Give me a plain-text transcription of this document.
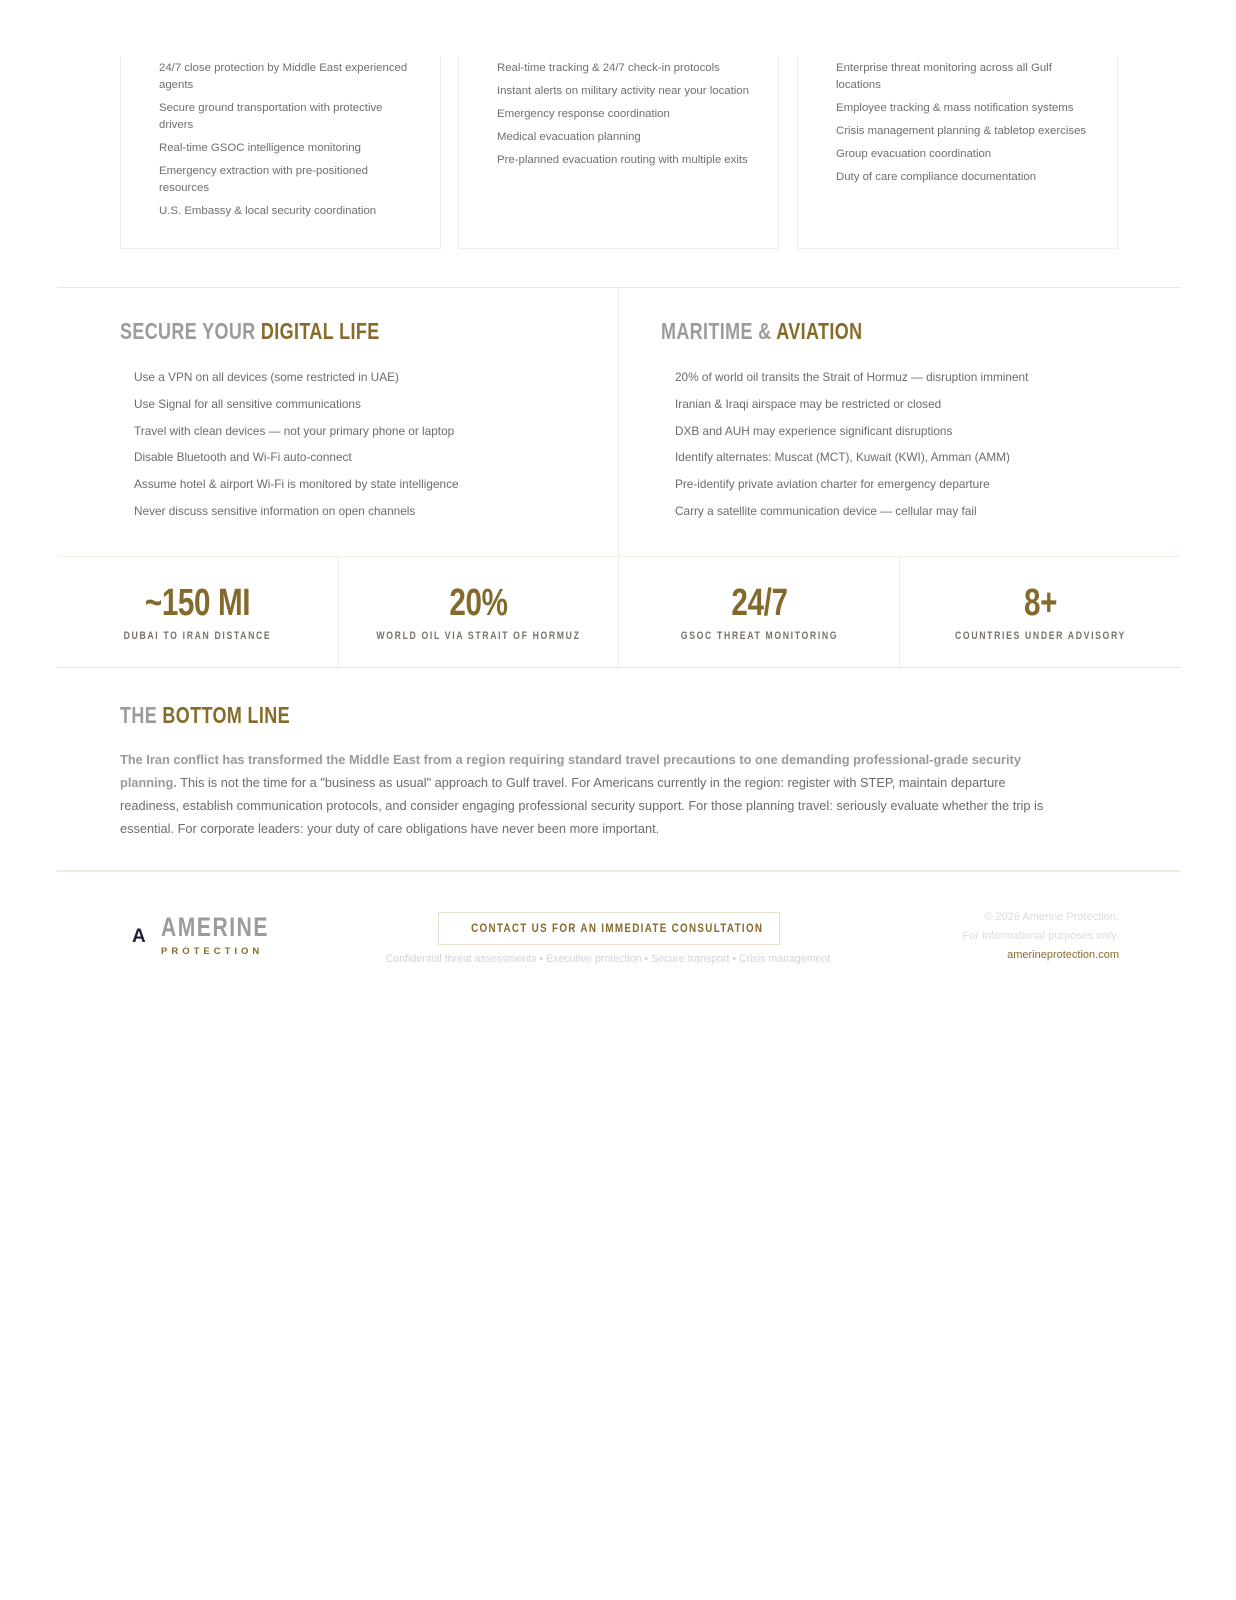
24/7 close protection by Middle East experienced agents
Secure ground transportation with protective drivers
Real-time GSOC intelligence monitoring
Emergency extraction with pre-positioned resources
U.S. Embassy & local security coordination
Real-time tracking & 24/7 check-in protocols
Instant alerts on military activity near your location
Emergency response coordination
Medical evacuation planning
Pre-planned evacuation routing with multiple exits
Enterprise threat monitoring across all Gulf locations
Employee tracking & mass notification systems
Crisis management planning & tabletop exercises
Group evacuation coordination
Duty of care compliance documentation
SECURE YOUR DIGITAL LIFE
Use a VPN on all devices (some restricted in UAE)
Use Signal for all sensitive communications
Travel with clean devices — not your primary phone or laptop
Disable Bluetooth and Wi-Fi auto-connect
Assume hotel & airport Wi-Fi is monitored by state intelligence
Never discuss sensitive information on open channels
MARITIME & AVIATION
20% of world oil transits the Strait of Hormuz — disruption imminent
Iranian & Iraqi airspace may be restricted or closed
DXB and AUH may experience significant disruptions
Identify alternates: Muscat (MCT), Kuwait (KWI), Amman (AMM)
Pre-identify private aviation charter for emergency departure
Carry a satellite communication device — cellular may fail
~150 MI
DUBAI TO IRAN DISTANCE
20%
WORLD OIL VIA STRAIT OF HORMUZ
24/7
GSOC THREAT MONITORING
8+
COUNTRIES UNDER ADVISORY
THE BOTTOM LINE

The Iran conflict has transformed the Middle East from a region requiring standard travel precautions to one demanding professional-grade security planning. This is not the time for a "business as usual" approach to Gulf travel. For Americans currently in the region: register with STEP, maintain departure readiness, establish communication protocols, and consider engaging professional security support. For those planning travel: seriously evaluate whether the trip is essential. For corporate leaders: your duty of care obligations have never been more important.

A AMERINE
PROTECTION
CONTACT US FOR AN IMMEDIATE CONSULTATION
Confidential threat assessments • Executive protection • Secure transport • Crisis management
© 2026 Amerine Protection.
For informational purposes only.
amerineprotection.com
